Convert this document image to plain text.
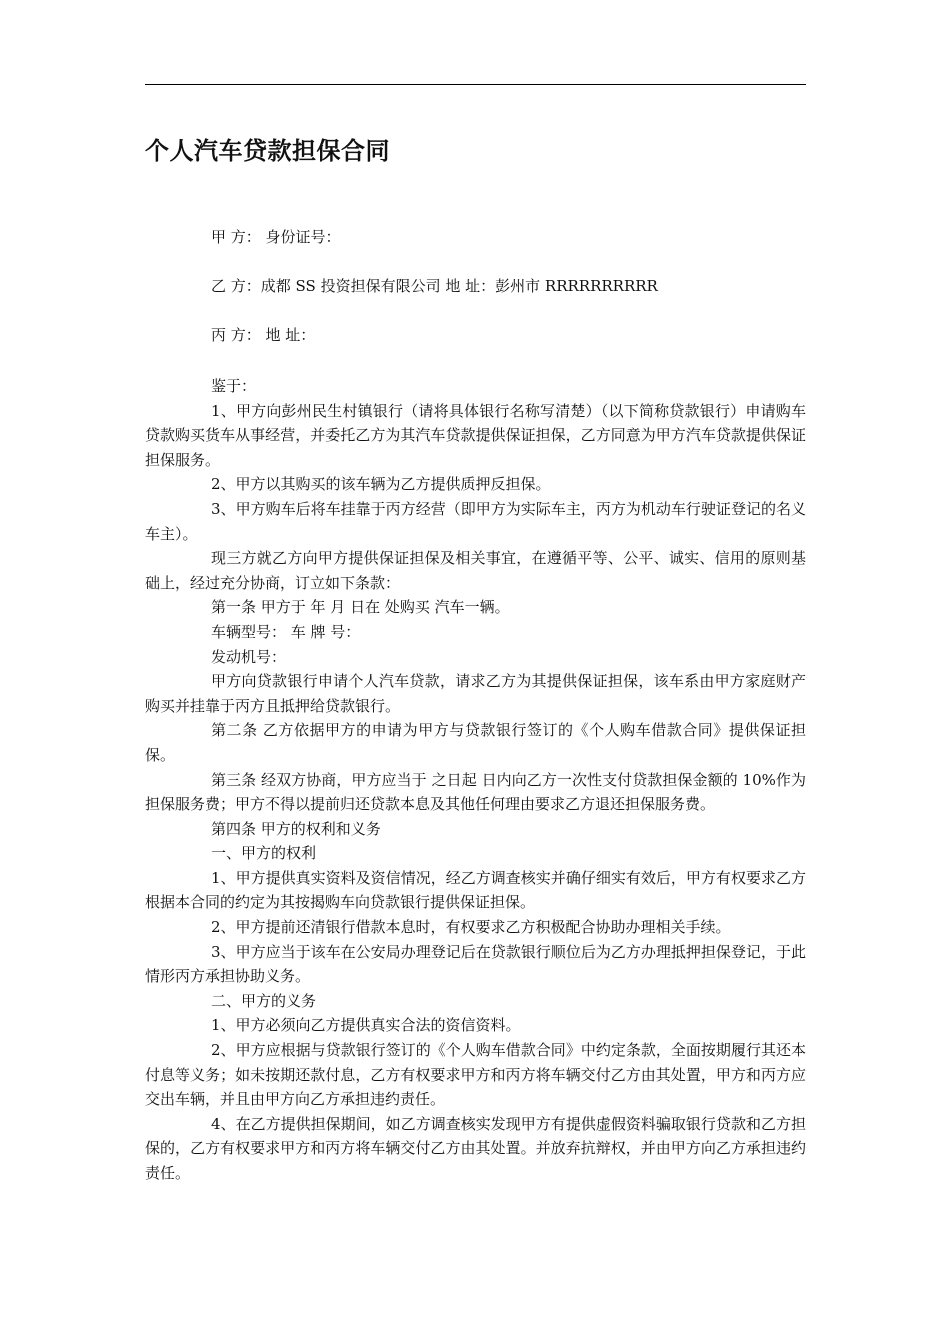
个人汽车贷款担保合同

甲 方： 身份证号：

乙 方：成都 SS 投资担保有限公司 地 址：彭州市 RRRRRRRRRR

丙 方： 地 址：

鉴于：

1、甲方向彭州民生村镇银行（请将具体银行名称写清楚）（以下简称贷款银行）申请购车贷款购买货车从事经营，并委托乙方为其汽车贷款提供保证担保，乙方同意为甲方汽车贷款提供保证担保服务。

2、甲方以其购买的该车辆为乙方提供质押反担保。

3、甲方购车后将车挂靠于丙方经营（即甲方为实际车主，丙方为机动车行驶证登记的名义车主）。

现三方就乙方向甲方提供保证担保及相关事宜，在遵循平等、公平、诚实、信用的原则基础上，经过充分协商，订立如下条款：

第一条 甲方于 年 月 日在 处购买 汽车一辆。

车辆型号： 车 牌 号：

发动机号：

甲方向贷款银行申请个人汽车贷款，请求乙方为其提供保证担保，该车系由甲方家庭财产购买并挂靠于丙方且抵押给贷款银行。

第二条 乙方依据甲方的申请为甲方与贷款银行签订的《个人购车借款合同》提供保证担保。

第三条 经双方协商，甲方应当于 之日起 日内向乙方一次性支付贷款担保金额的 10%作为担保服务费；甲方不得以提前归还贷款本息及其他任何理由要求乙方退还担保服务费。

第四条 甲方的权利和义务

一、甲方的权利

1、甲方提供真实资料及资信情况，经乙方调查核实并确仔细实有效后，甲方有权要求乙方根据本合同的约定为其按揭购车向贷款银行提供保证担保。

2、甲方提前还清银行借款本息时，有权要求乙方积极配合协助办理相关手续。

3、甲方应当于该车在公安局办理登记后在贷款银行顺位后为乙方办理抵押担保登记，于此情形丙方承担协助义务。

二、甲方的义务

1、甲方必须向乙方提供真实合法的资信资料。

2、甲方应根据与贷款银行签订的《个人购车借款合同》中约定条款，全面按期履行其还本付息等义务；如未按期还款付息，乙方有权要求甲方和丙方将车辆交付乙方由其处置，甲方和丙方应交出车辆，并且由甲方向乙方承担违约责任。

4、在乙方提供担保期间，如乙方调查核实发现甲方有提供虚假资料骗取银行贷款和乙方担保的，乙方有权要求甲方和丙方将车辆交付乙方由其处置。并放弃抗辩权，并由甲方向乙方承担违约责任。
